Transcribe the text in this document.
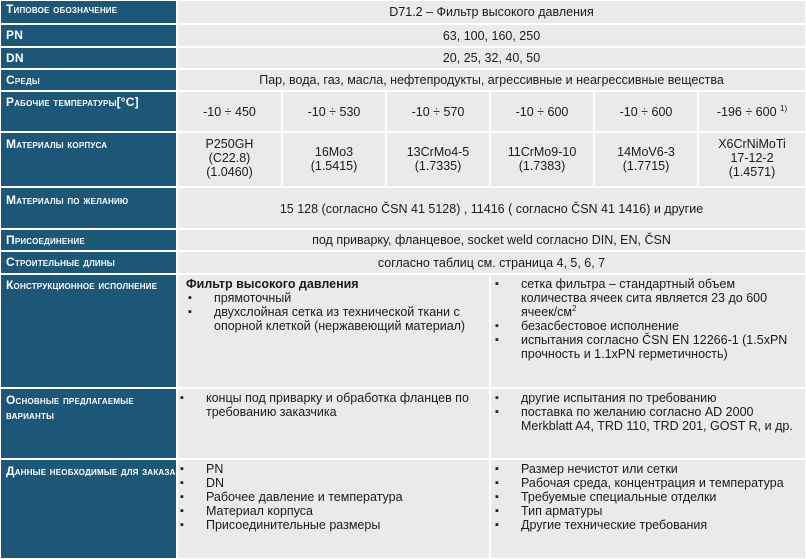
Типовое обозначение	D71.2 – Фильтр высокого давления
PN	63, 100, 160, 250
DN	20, 25, 32, 40, 50
Среды	Пар, вода, газ, масла, нефтепродукты, агрессивные и неагрессивные вещества
Рабочие температуры[°C]
-10 ÷ 450	-10 ÷ 530	-10 ÷ 570	-10 ÷ 600	-10 ÷ 600	-196 ÷ 600 $^{1)}$
Материалы корпуса	P250GH
(C22.8)
(1.0460)
16Mo3
(1.5415)
13CrMo4-5
(1.7335)
11CrMo9-10
(1.7383)
14MoV6-3
(1.7715)
X6CrNiMoTi
17-12-2
(1.4571)
Материалы по желанию
15 128 (согласно ČSN 41 5128) , 11416 ( согласно ČSN 41 1416) и другие
Присоединение	под приварку, фланцевое, socket weld согласно DIN, EN, ČSN
Строительные длины	согласно таблиц см. страница 4, 5, 6, 7
Конструкционное исполнение	Фильтр высокого давления
▪ прямоточный
▪ двухслойная сетка из технической ткани с опорной клеткой (нержавеющий материал)
▪ сетка фильтра – стандартный объем количества ячеек сита является 23 до 600 ячеек/$см^2$
▪ безасбестовое исполнение
▪ испытания согласно ČSN EN 12266-1 (1.5xPN прочность и 1.1xPN герметичность)
Основные предлагаемые варианты
▪ концы под приварку и обработка фланцев по требованию заказчика
▪ другие испытания по требованию
▪ поставка по желанию согласно AD 2000 Merkblatt A4, TRD 110, TRD 201, GOST R, и др.
Данные необходимые для заказа
▪	PN
▪ DN
▪ Рабочее давление и температура
▪ Материал корпуса
▪ Присоединительные размеры
▪ Размер нечистот или сетки
▪ Рабочая среда, концентрация и температура
▪ Требуемые специальные отделки
▪ Тип арматуры
▪ Другие технические требования
